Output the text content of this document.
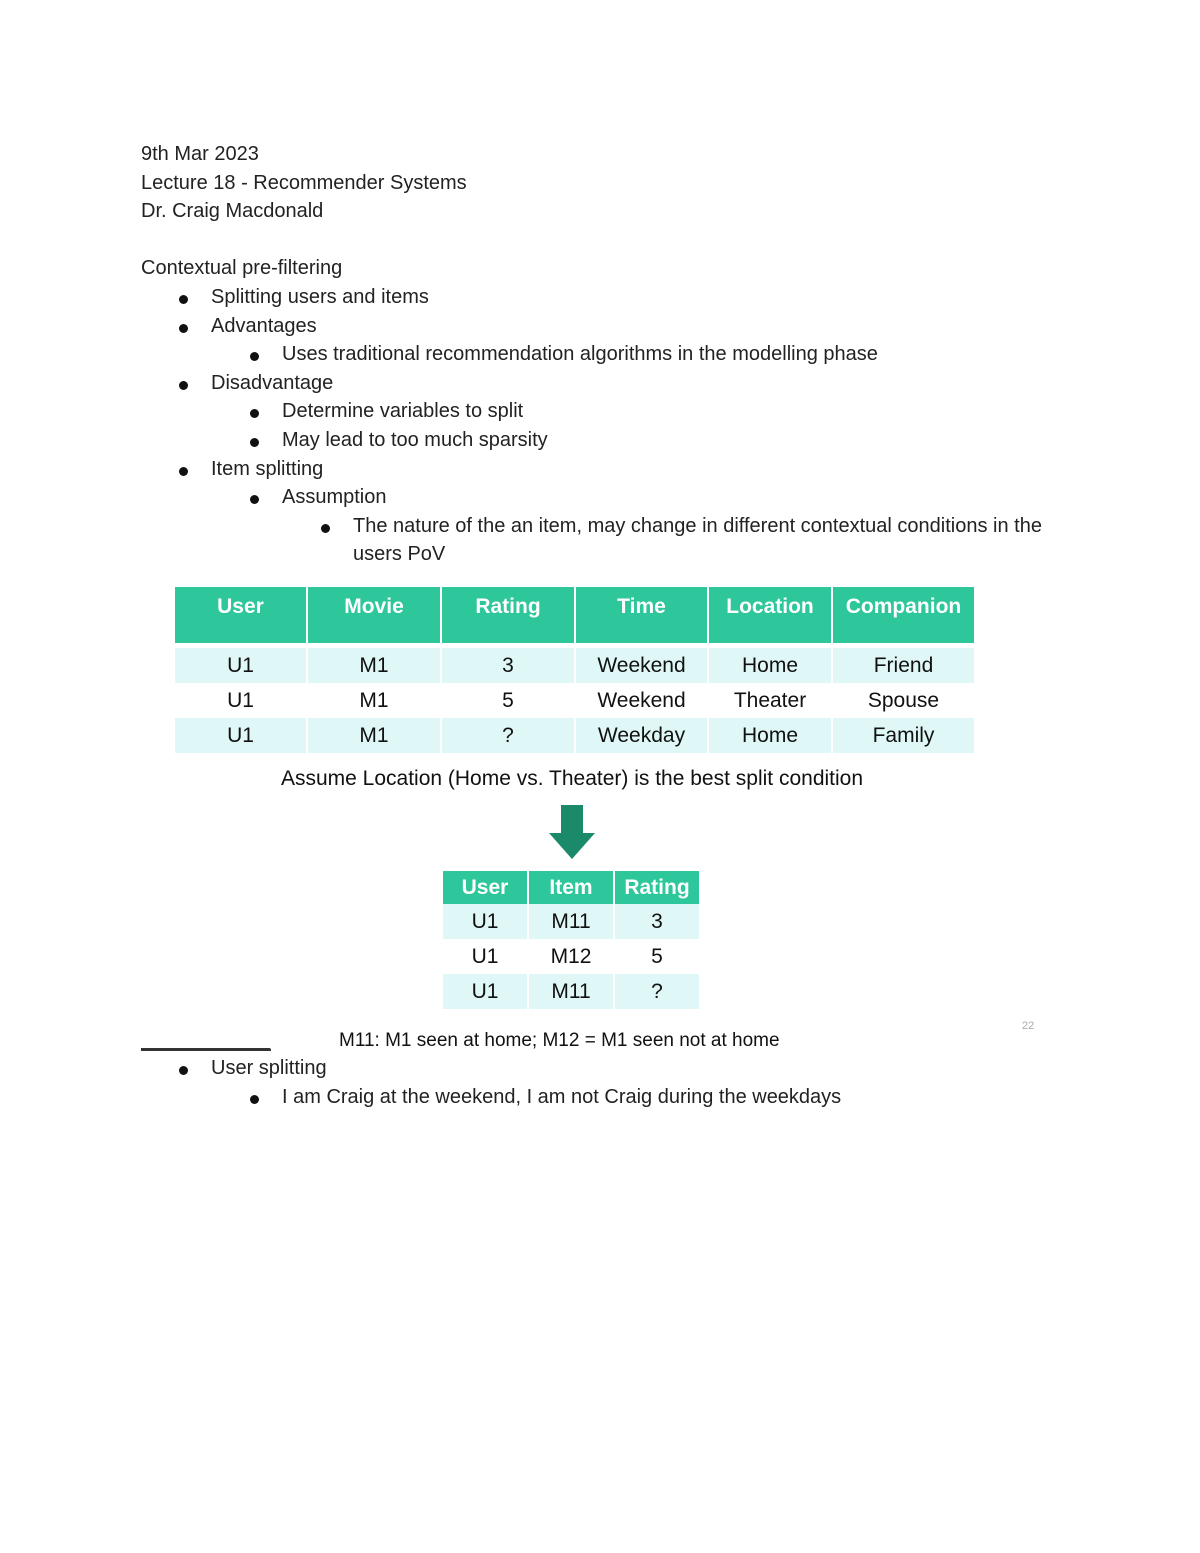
9th Mar 2023
Lecture 18 - Recommender Systems
Dr. Craig Macdonald
Contextual pre-filtering
Splitting users and items
Advantages
Uses traditional recommendation algorithms in the modelling phase
Disadvantage
Determine variables to split
May lead to too much sparsity
Item splitting
Assumption
The nature of the an item, may change in different contextual conditions in the users PoV
User	Movie	Rating	Time	Location	Companion

U1	M1	3	Weekend	Home	Friend
U1	M1	5	Weekend	Theater	Spouse
U1	M1	?	Weekday	Home	Family
Assume Location (Home vs. Theater) is the best split condition
User	Item	Rating
U1	M11	3
U1	M12	5
U1	M11	?
22
M11: M1 seen at home; M12 = M1 seen not at home
User splitting
I am Craig at the weekend, I am not Craig during the weekdays
